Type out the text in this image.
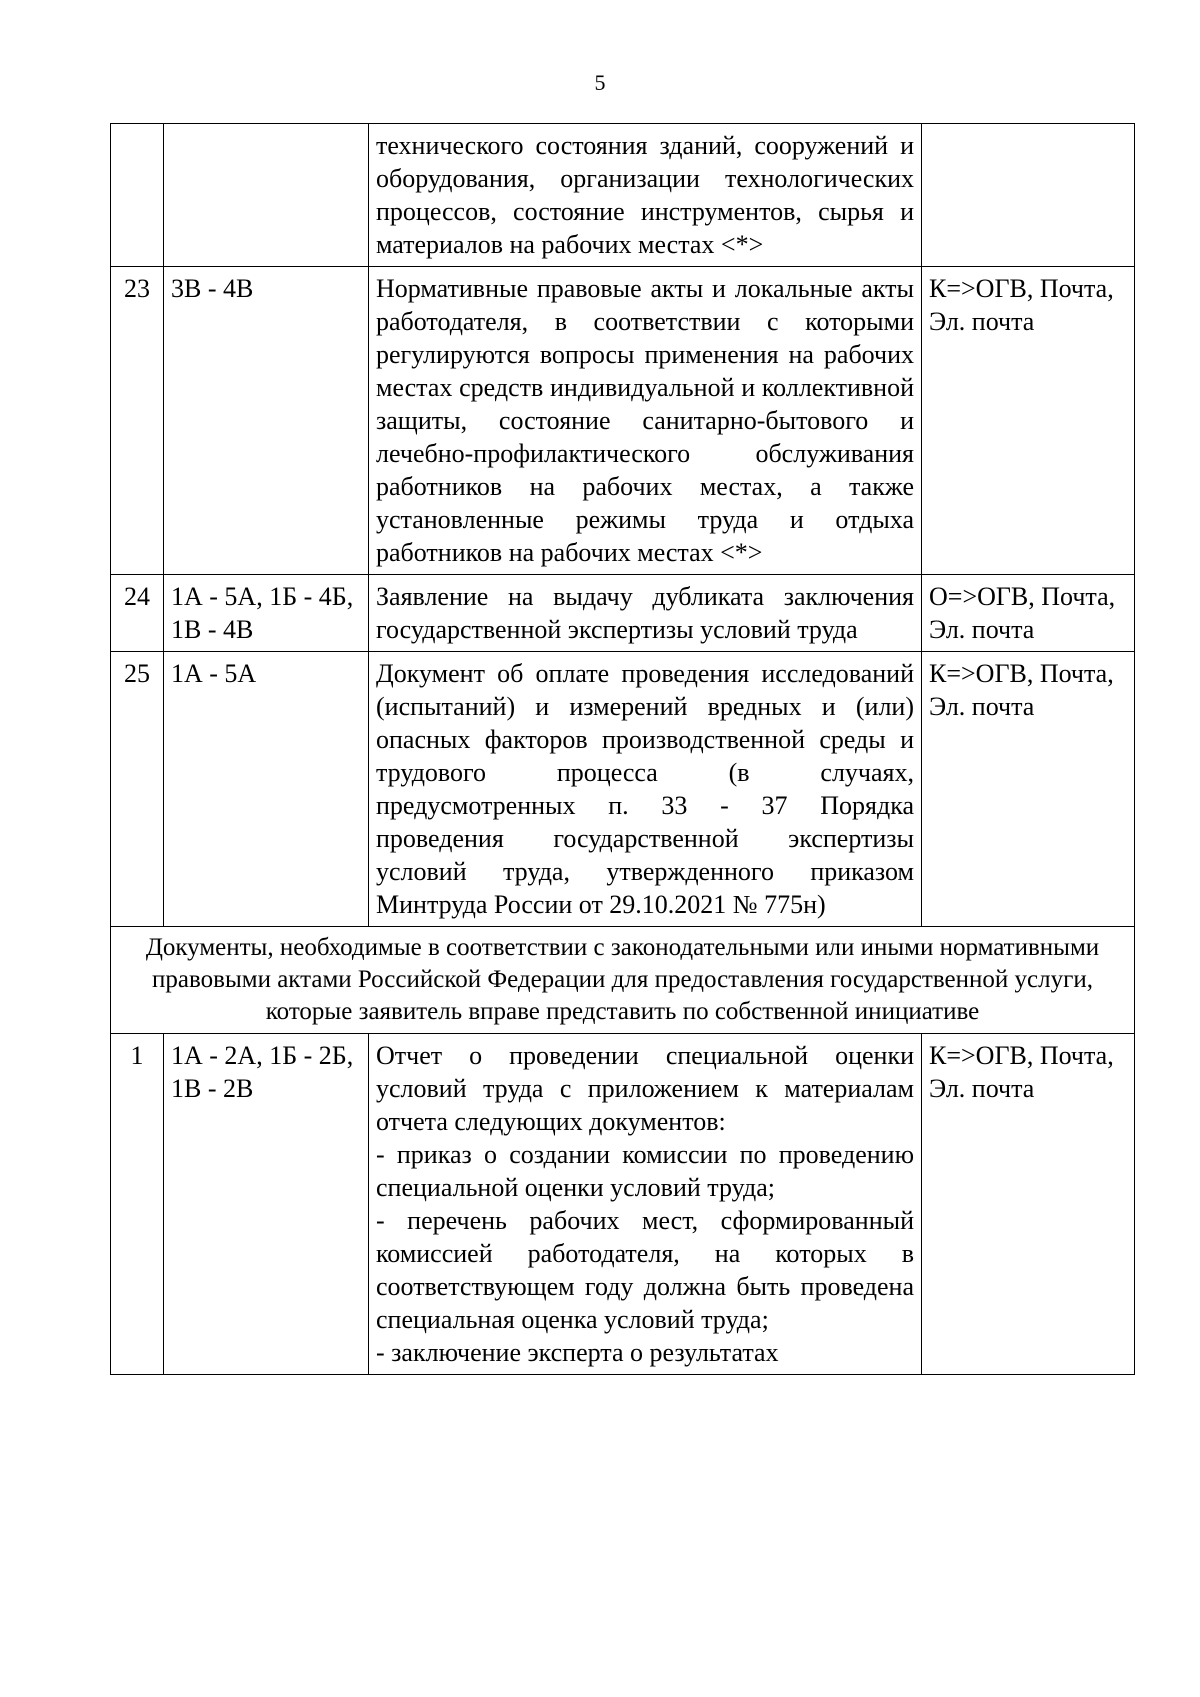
5

		технического состояния зданий, сооружений и оборудования, организации технологических процессов, состояние инструментов, сырья и материалов на рабочих местах <*>	

23	3В - 4В	Нормативные правовые акты и локальные акты работодателя, в соответствии с которыми регулируются вопросы применения на рабочих местах средств индивидуальной и коллективной защиты, состояние санитарно-бытового и лечебно-профилактического обслуживания работников на рабочих местах, а также установленные режимы труда и отдыха работников на рабочих местах <*>	К=>ОГВ, Почта, Эл. почта
24	1А - 5А, 1Б - 4Б, 1В - 4В	Заявление на выдачу дубликата заключения государственной экспертизы условий труда	О=>ОГВ, Почта, Эл. почта
25	1А - 5А	Документ об оплате проведения исследований (испытаний) и измерений вредных и (или) опасных факторов производственной среды и трудового процесса (в случаях, предусмотренных п. 33 - 37 Порядка проведения государственной экспертизы условий труда, утвержденного приказом Минтруда России от 29.10.2021 № 775н)	К=>ОГВ, Почта, Эл. почта
Документы, необходимые в соответствии с законодательными или иными нормативными правовыми актами Российской Федерации для предоставления государственной услуги, которые заявитель вправе представить по собственной инициативе			
1	1А - 2А, 1Б - 2Б, 1В - 2В	Отчет о проведении специальной оценки условий труда с приложением к материалам отчета следующих документов:
- приказ о создании комиссии по проведению специальной оценки условий труда;
- перечень рабочих мест, сформированный комиссией работодателя, на которых в соответствующем году должна быть проведена специальная оценка условий труда;
- заключение эксперта о результатах	К=>ОГВ, Почта, Эл. почта
